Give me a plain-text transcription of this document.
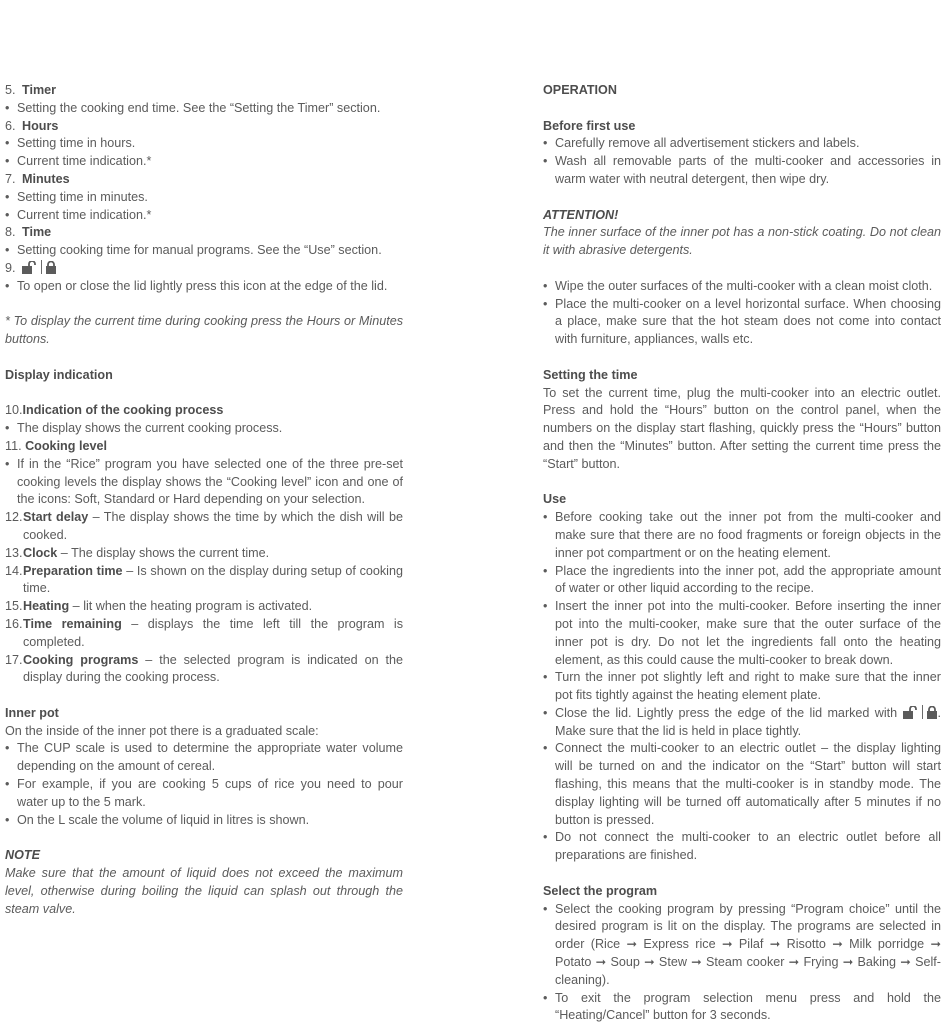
5. Timer

• Setting the cooking end time. See the “Setting the Timer” section.

6. Hours

• Setting time in hours.

• Current time indication.*

7. Minutes

• Setting time in minutes.

• Current time indication.*

8. Time

• Setting cooking time for manual programs. See the “Use” section.

9.

• To open or close the lid lightly press this icon at the edge of the lid.

* To display the current time during cooking press the Hours or Minutes buttons.

Display indication

10. Indication of the cooking process

• The display shows the current cooking process.

11.
Cooking level

• If in the “Rice” program you have selected one of the three pre-set cooking levels the display shows the “Cooking level” icon and one of the icons: Soft, Standard or Hard depending on your selection.

12. Start delay – The display shows the time by which the dish will be cooked.

13. Clock – The display shows the current time.

14. Preparation time – Is shown on the display during setup of cooking time.

15. Heating – lit when the heating program is activated.

16. Time remaining – displays the time left till the program is completed.

17. Cooking programs – the selected program is indicated on the display during the cooking process.

Inner pot

On the inside of the inner pot there is a graduated scale:

• The CUP scale is used to determine the appropriate water volume depending on the amount of cereal.

• For example, if you are cooking 5 cups of rice you need to pour water up to the 5 mark.

• On the L scale the volume of liquid in litres is shown.

NOTE

Make sure that the amount of liquid does not exceed the maximum level, otherwise during boiling the liquid can splash out through the steam valve.

OPERATION

Before first use

• Carefully remove all advertisement stickers and labels.

• Wash all removable parts of the multi-cooker and accessories in warm water with neutral detergent, then wipe dry.

ATTENTION!

The inner surface of the inner pot has a non-stick coating. Do not clean it with abrasive detergents.

• Wipe the outer surfaces of the multi-cooker with a clean moist cloth.

• Place the multi-cooker on a level horizontal surface. When choosing a place, make sure that the hot steam does not come into contact with furniture, appliances, walls etc.

Setting the time

To set the current time, plug the multi-cooker into an electric outlet. Press and hold the “Hours” button on the control panel, when the numbers on the display start flashing, quickly press the “Hours” button and then the “Minutes” button. After setting the current time press the “Start” button.

Use

• Before cooking take out the inner pot from the multi-cooker and make sure that there are no food fragments or foreign objects in the inner pot compartment or on the heating element.

• Place the ingredients into the inner pot, add the appropriate amount of water or other liquid according to the recipe.

• Insert the inner pot into the multi-cooker. Before inserting the inner pot into the multi-cooker, make sure that the outer surface of the inner pot is dry. Do not let the ingredients fall onto the heating element, as this could cause the multi-cooker to break down.

• Turn the inner pot slightly left and right to make sure that the inner pot fits tightly against the heating element plate.

• Close the lid. Lightly press the edge of the lid marked with	. Make sure that the lid is held in place tightly.

• Connect the multi-cooker to an electric outlet – the display lighting will be turned on and the indicator on the “Start” button will start flashing, this means that the multi-cooker is in standby mode. The display lighting will be turned off automatically after 5 minutes if no button is pressed.

• Do not connect the multi-cooker to an electric outlet before all preparations are finished.

Select the program

• Select the cooking program by pressing “Program choice” until the desired program is lit on the display. The programs are selected in order (Rice ➞ Express rice ➞ Pilaf ➞ Risotto ➞ Milk porridge ➞ Potato ➞ Soup ➞ Stew ➞ Steam cooker ➞ Frying ➞ Baking ➞ Self-cleaning).

• To exit the program selection menu press and hold the “Heating/Cancel” button for 3 seconds.
